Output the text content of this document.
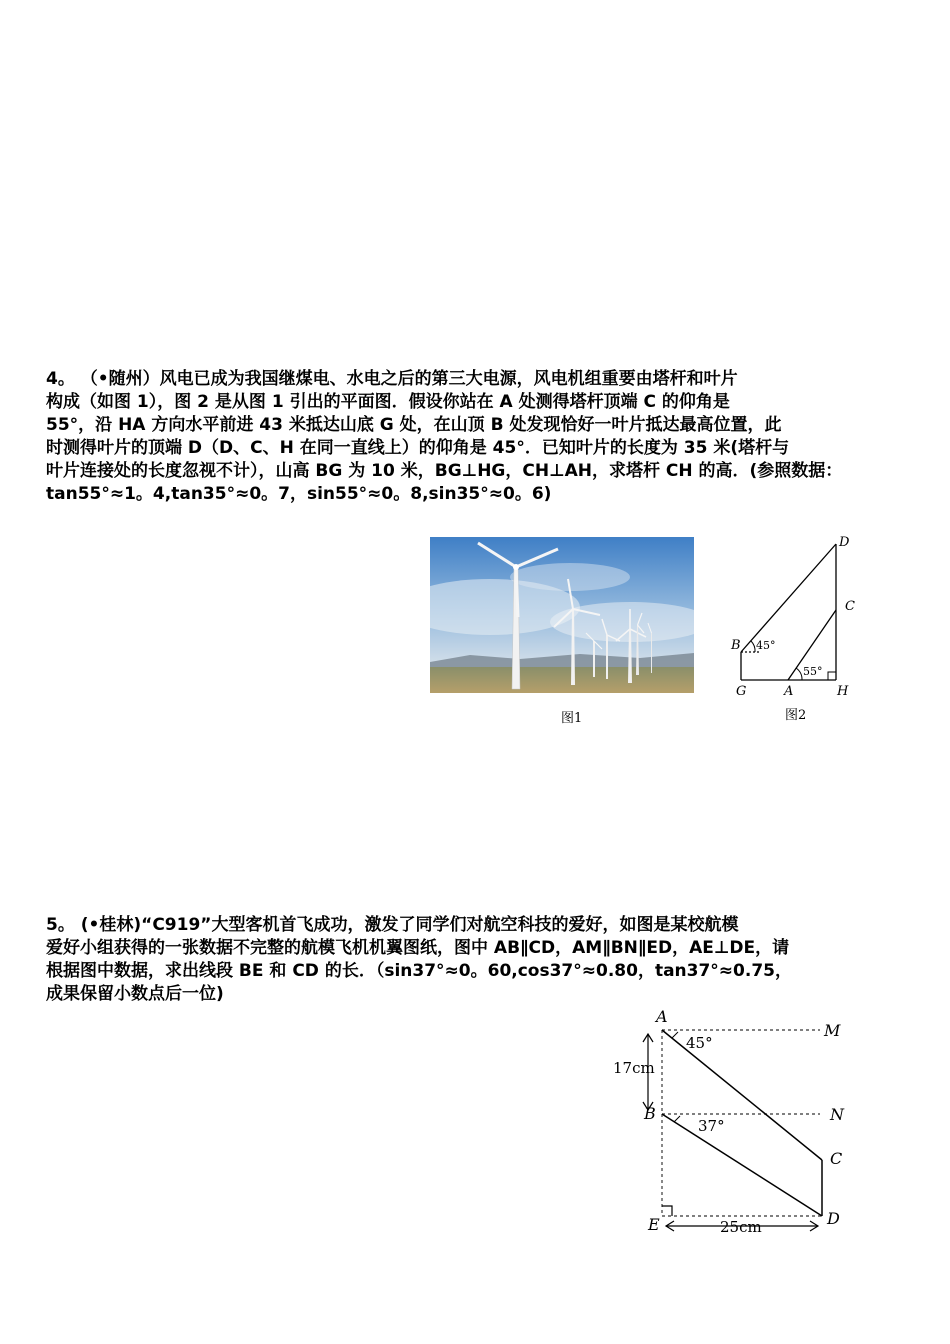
4。 （•随州）风电已成为我国继煤电、水电之后的第三大电源，风电机组重要由塔杆和叶片
构成（如图 1），图 2 是从图 1 引出的平面图．假设你站在 A 处测得塔杆顶端 C 的仰角是
55°，沿 HA 方向水平前进 43 米抵达山底 G 处，在山顶 B 处发现恰好一叶片抵达最高位置，此
时测得叶片的顶端 D（D、C、H 在同一直线上）的仰角是 45°．已知叶片的长度为 35 米(塔杆与
叶片连接处的长度忽视不计），山高 BG 为 10 米，BG⊥HG，CH⊥AH，求塔杆 CH 的高．(参照数据：
tan55°≈1。4,tan35°≈0。7，sin55°≈0。8,sin35°≈0。6)
图1
D
C
B 45°
55°
G	A	H
图2
5。 (•桂林)“C919”大型客机首飞成功，激发了同学们对航空科技的爱好，如图是某校航模
爱好小组获得的一张数据不完整的航模飞机机翼图纸，图中 AB∥CD，AM∥BN∥ED，AE⊥DE，请
根据图中数据，求出线段 BE 和 CD 的长．（sin37°≈0。60,cos37°≈0.80，tan37°≈0.75，
成果保留小数点后一位)
A
M
45°
17cm
B	N
37°
C
E	D
25cm
